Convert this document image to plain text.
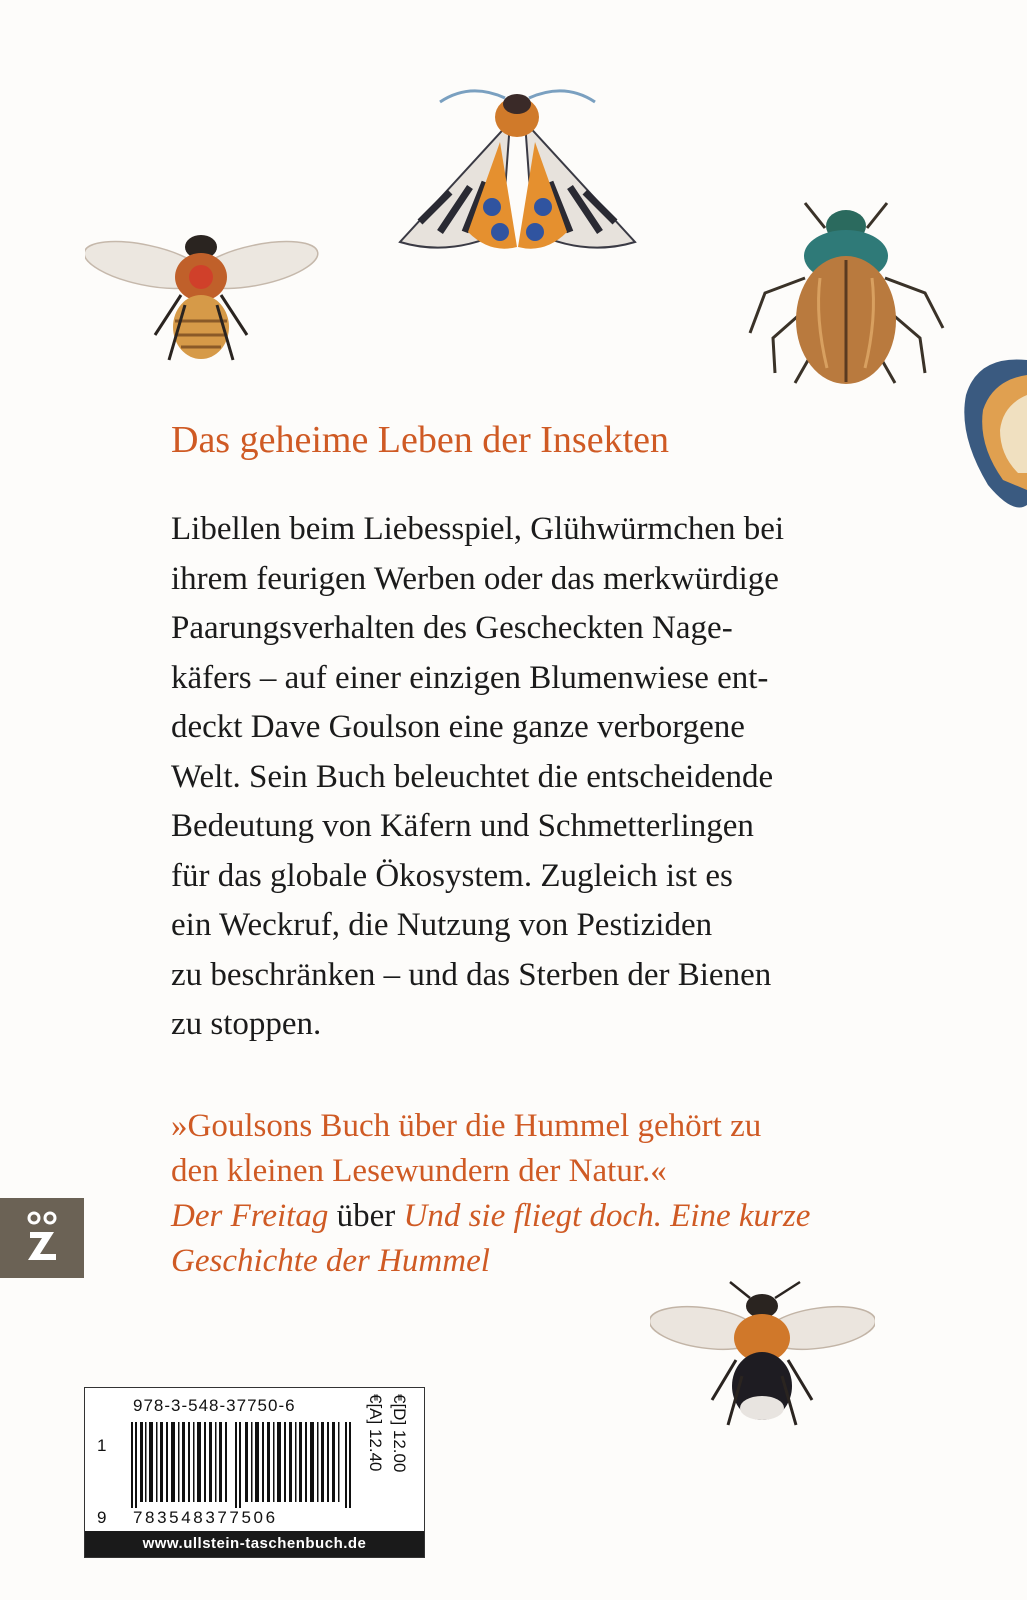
Das geheime Leben der Insekten
Libellen beim Liebesspiel, Glühwürmchen bei
ihrem feurigen Werben oder das merkwürdige
Paarungsverhalten des Gescheckten Nage-
käfers – auf einer einzigen Blumenwiese ent-
deckt Dave Goulson eine ganze verborgene
Welt. Sein Buch beleuchtet die entscheidende
Bedeutung von Käfern und Schmetterlingen
für das globale Ökosystem. Zugleich ist es
ein Weckruf, die Nutzung von Pestiziden
zu beschränken – und das Sterben der Bienen
zu stoppen.
»Goulsons Buch über die Hummel gehört zu
den kleinen Lesewundern der Natur.«
Der Freitag über Und sie fliegt doch. Eine kurze
Geschichte der Hummel
978-3-548-37750-6
1
9 783548377506
€[D] 12.00
€[A] 12.40
www.ullstein-taschenbuch.de
